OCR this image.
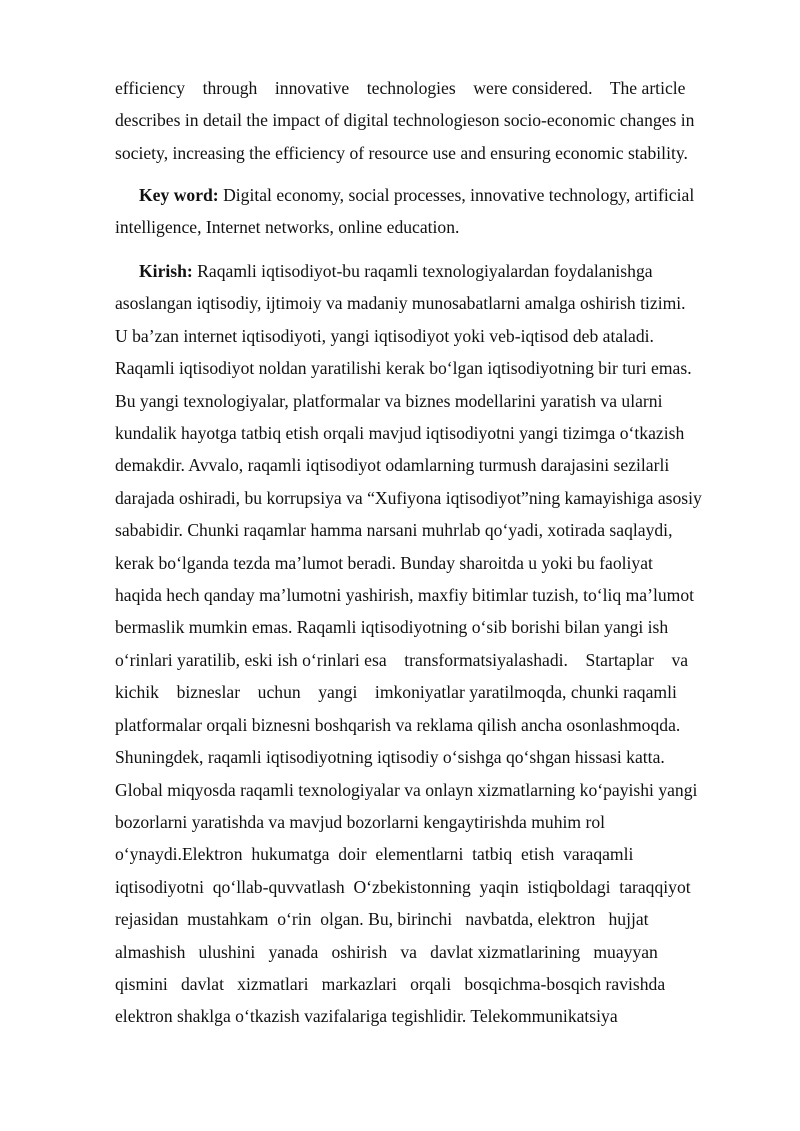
efficiency    through    innovative    technologies    were considered.    The article
describes in detail the impact of digital technologieson socio-economic changes in
society, increasing the efficiency of resource use and ensuring economic stability.
Key word: Digital economy, social processes, innovative technology, artificial
intelligence, Internet networks, online education.
Kirish: Raqamli iqtisodiyot-bu raqamli texnologiyalardan foydalanishga
asoslangan iqtisodiy, ijtimoiy va madaniy munosabatlarni amalga oshirish tizimi.
U ba’zan internet iqtisodiyoti, yangi iqtisodiyot yoki veb-iqtisod deb ataladi.
Raqamli iqtisodiyot noldan yaratilishi kerak bo‘lgan iqtisodiyotning bir turi emas.
Bu yangi texnologiyalar, platformalar va biznes modellarini yaratish va ularni
kundalik hayotga tatbiq etish orqali mavjud iqtisodiyotni yangi tizimga o‘tkazish
demakdir. Avvalo, raqamli iqtisodiyot odamlarning turmush darajasini sezilarli
darajada oshiradi, bu korrupsiya va “Xufiyona iqtisodiyot”ning kamayishiga asosiy
sababidir. Chunki raqamlar hamma narsani muhrlab qo‘yadi, xotirada saqlaydi,
kerak bo‘lganda tezda ma’lumot beradi. Bunday sharoitda u yoki bu faoliyat
haqida hech qanday ma’lumotni yashirish, maxfiy bitimlar tuzish, to‘liq ma’lumot
bermaslik mumkin emas. Raqamli iqtisodiyotning o‘sib borishi bilan yangi ish
o‘rinlari yaratilib, eski ish o‘rinlari esa    transformatsiyalashadi.    Startaplar    va
kichik    bizneslar    uchun    yangi    imkoniyatlar yaratilmoqda, chunki raqamli
platformalar orqali biznesni boshqarish va reklama qilish ancha osonlashmoqda.
Shuningdek, raqamli iqtisodiyotning iqtisodiy o‘sishga qo‘shgan hissasi katta.
Global miqyosda raqamli texnologiyalar va onlayn xizmatlarning ko‘payishi yangi
bozorlarni yaratishda va mavjud bozorlarni kengaytirishda muhim rol
o‘ynaydi.Elektron  hukumatga  doir  elementlarni  tatbiq  etish  varaqamli
iqtisodiyotni  qo‘llab-quvvatlash  O‘zbekistonning  yaqin  istiqboldagi  taraqqiyot
rejasidan  mustahkam  o‘rin  olgan. Bu, birinchi   navbatda, elektron   hujjat
almashish   ulushini   yanada   oshirish   va   davlat xizmatlarining   muayyan
qismini   davlat   xizmatlari   markazlari   orqali   bosqichma-bosqich ravishda
elektron shaklga o‘tkazish vazifalariga tegishlidir. Telekommunikatsiya
